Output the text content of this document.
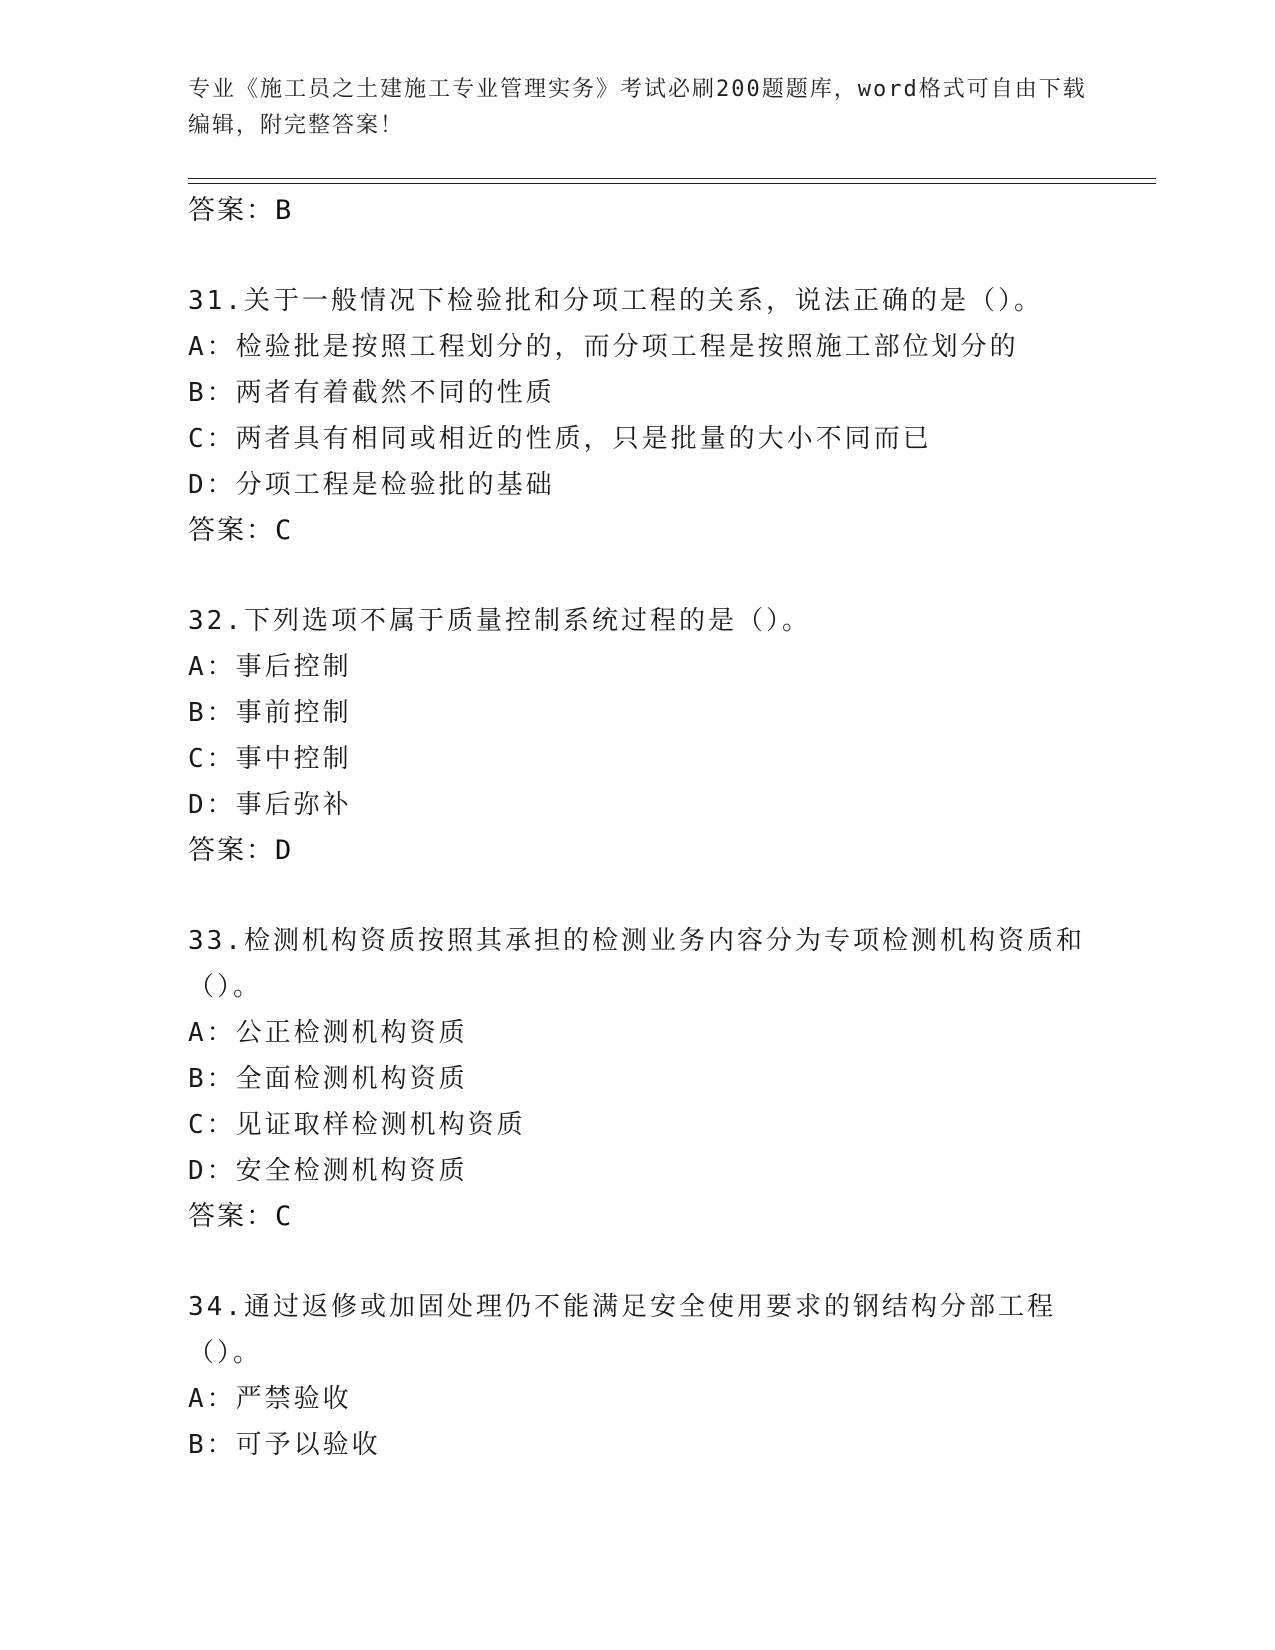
专业《施工员之土建施工专业管理实务》考试必刷200题题库，word格式可自由下载编辑，附完整答案！
答案：B
31.关于一般情况下检验批和分项工程的关系，说法正确的是（）。
A：检验批是按照工程划分的，而分项工程是按照施工部位划分的
B：两者有着截然不同的性质
C：两者具有相同或相近的性质，只是批量的大小不同而已
D：分项工程是检验批的基础
答案：C
32.下列选项不属于质量控制系统过程的是（）。
A：事后控制
B：事前控制
C：事中控制
D：事后弥补
答案：D
33.检测机构资质按照其承担的检测业务内容分为专项检测机构资质和（）。
A：公正检测机构资质
B：全面检测机构资质
C：见证取样检测机构资质
D：安全检测机构资质
答案：C
34.通过返修或加固处理仍不能满足安全使用要求的钢结构分部工程（）。
A：严禁验收
B：可予以验收
